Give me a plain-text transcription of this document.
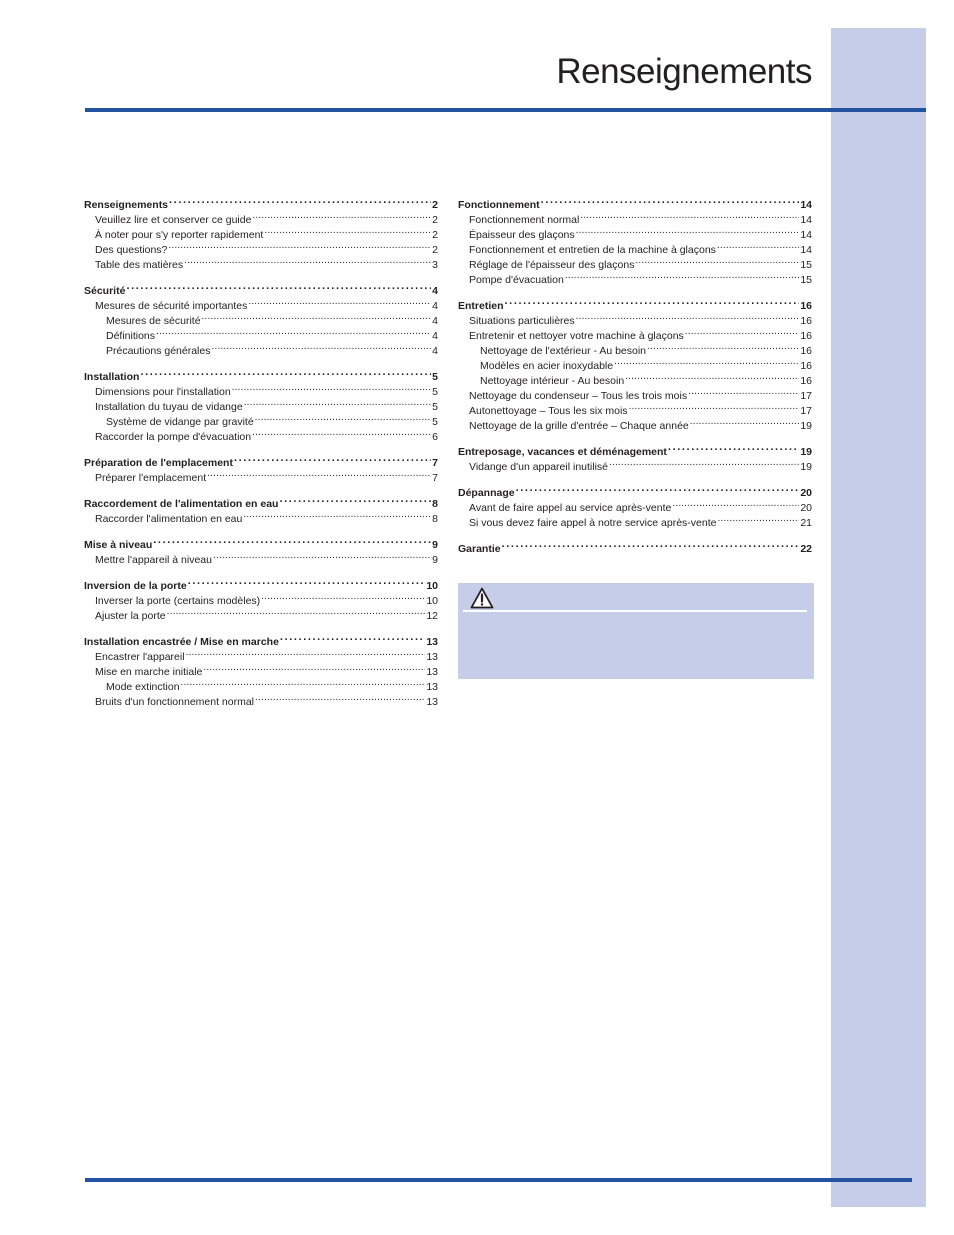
Renseignements
Renseignements .....	2
Veuillez lire et conserver ce guide .....	2
À noter pour s'y reporter rapidement .....	2
Des questions? .....	2
Table des matières .....	3
Sécurité .....	4
Mesures de sécurité importantes .....	4
Mesures de sécurité .....	4
Définitions .....	4
Précautions générales .....	4
Installation .....	5
Dimensions pour l'installation .....	5
Installation du tuyau de vidange .....	5
Système de vidange par gravité .....	5
Raccorder la pompe d'évacuation .....	6
Préparation de l'emplacement .....	7
Préparer l'emplacement .....	7
Raccordement de l'alimentation en eau .....	8
Raccorder l'alimentation en eau .....	8
Mise à niveau .....	9
Mettre l'appareil à niveau .....	9
Inversion de la porte .....	10
Inverser la porte (certains modèles) .....	10
Ajuster la porte .....	12
Installation encastrée / Mise en marche .....	13
Encastrer l'appareil .....	13
Mise en marche initiale .....	13
Mode extinction .....	13
Bruits d'un fonctionnement normal .....	13
Fonctionnement .....	14
Fonctionnement normal .....	14
Épaisseur des glaçons .....	14
Fonctionnement et entretien de la machine à glaçons .....	14
Réglage de l'épaisseur des glaçons .....	15
Pompe d'évacuation .....	15
Entretien .....	16
Situations particulières .....	16
Entretenir et nettoyer votre machine à glaçons .....	16
Nettoyage de l'extérieur - Au besoin .....	16
Modèles en acier inoxydable .....	16
Nettoyage intérieur - Au besoin .....	16
Nettoyage du condenseur – Tous les trois mois .....	17
Autonettoyage – Tous les six mois .....	17
Nettoyage de la grille d'entrée – Chaque année .....	19
Entreposage, vacances et déménagement .....	19
Vidange d'un appareil inutilisé .....	19
Dépannage .....	20
Avant de faire appel au service après-vente .....	20
Si vous devez faire appel à notre service après-vente .....	21
Garantie .....	22
